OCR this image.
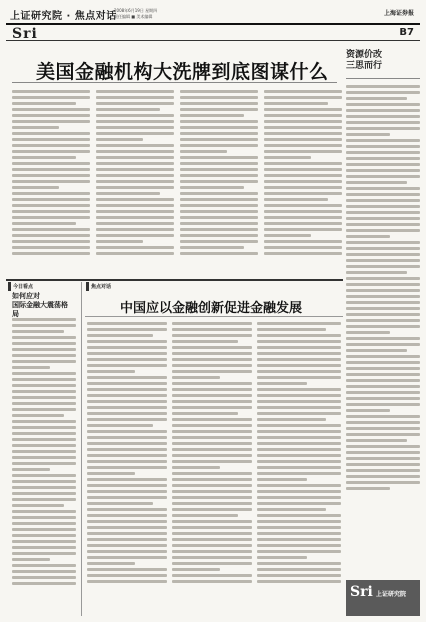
上证研究院 · 焦点对话
2008年6月19日 星期四
责任编辑 ■ 美术编辑	上海证券报
Sri	B7
美国金融机构大洗牌到底图谋什么
资源价改
三思而行
今日看点
如何应对
国际金融大震荡格局
焦点对话
中国应以金融创新促进金融发展
Sri 上证研究院
